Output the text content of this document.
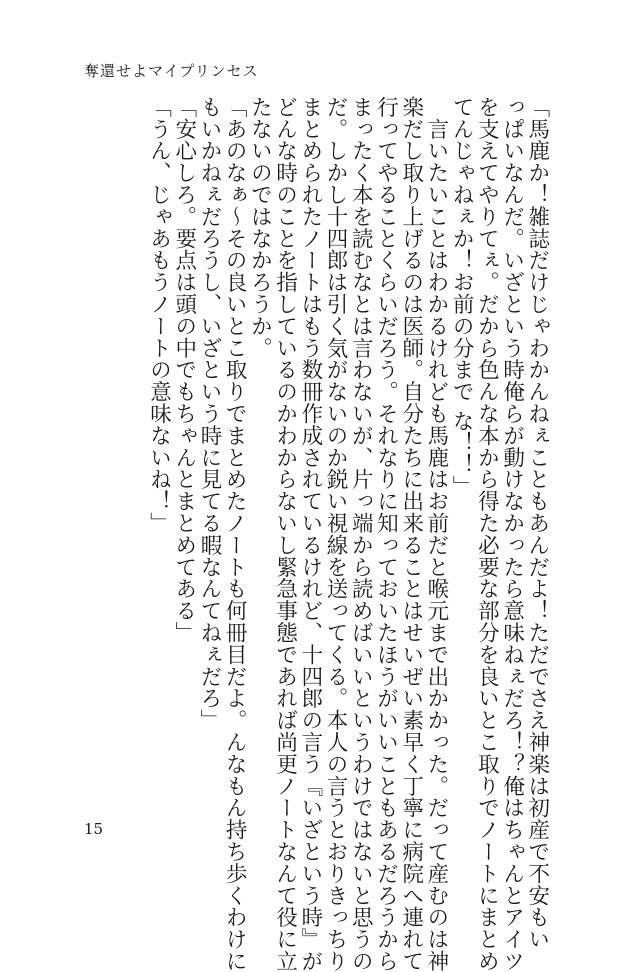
奪還せよマイプリンセス
「馬鹿か！雑誌だけじゃわかんねぇこともあんだよ！ただでさえ神楽は初産で不安もい
っぱいなんだ。いざという時俺らが動けなかったら意味ねぇだろ！？俺はちゃんとアイツ
を支えてやりてぇ。だから色んな本から得た必要な部分を良いとこ取りでノートにまとめ
てんじゃねぇか！お前の分まで な！！」
　言いたいことはわかるけれども馬鹿はお前だと喉元まで出かかった。だって産むのは神
楽だし取り上げるのは医師。自分たちに出来ることはせいぜい素早く丁寧に病院へ連れて
行ってやることくらいだろう。それなりに知っておいたほうがいいこともあるだろうから
まったく本を読むなとは言わないが、片っ端から読めばいいというわけではないと思うの
だ。しかし十四郎は引く気がないのか鋭い視線を送ってくる。本人の言うとおりきっちり
まとめられたノートはもう数冊作成されているけれど、十四郎の言う『いざという時』が
どんな時のことを指しているのかわからないし緊急事態であれば尚更ノートなんて役に立
たないのではなかろうか。
「あのなぁ～その良いとこ取りでまとめたノートも何冊目だよ。んなもん持ち歩くわけに
もいかねぇだろうし、いざという時に見てる暇なんてねぇだろ」
「安心しろ。要点は頭の中でもちゃんとまとめてある」
「うん、じゃあもうノートの意味ないね！」
15
